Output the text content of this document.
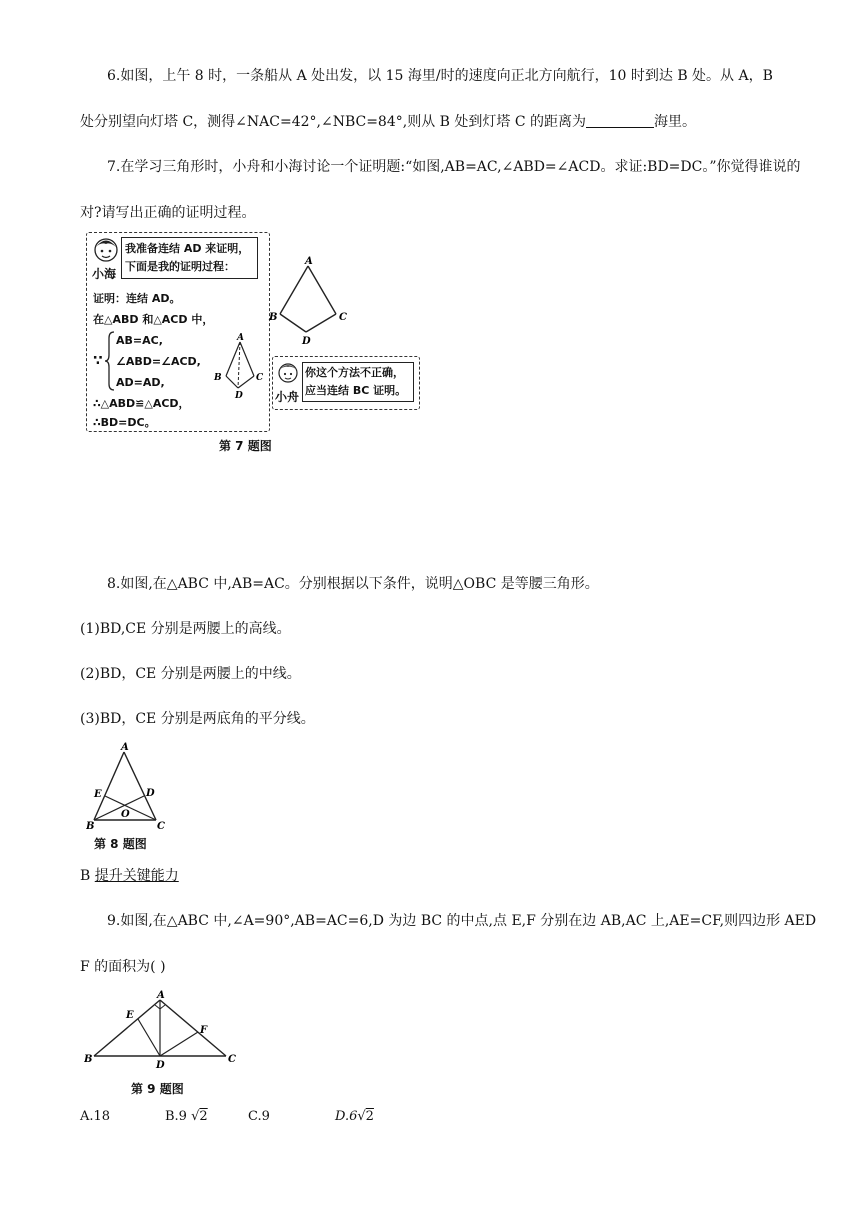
6.如图，上午 8 时，一条船从 A 处出发，以 15 海里/时的速度向正北方向航行，10 时到达 B 处。从 A，B
处分别望向灯塔 C，测得∠NAC=42°,∠NBC=84°,则从 B 处到灯塔 C 的距离为	海里。
7.在学习三角形时，小舟和小海讨论一个证明题:“如图,AB=AC,∠ABD=∠ACD。求证:BD=DC。”你觉得谁说的
对?请写出正确的证明过程。
小海
我准备连结 AD 来证明，
下面是我的证明过程：
证明：连结 AD。
在△ABD 和△ACD 中，
∵
AB=AC,
∠ABD=∠ACD,
AD=AD,
∴△ABD≌△ACD，
∴BD=DC。
A
B	C
D
A
B	C
D
小舟
你这个方法不正确，
应当连结 BC 证明。
第 7 题图
8.如图,在△ABC 中,AB=AC。分别根据以下条件，说明△OBC 是等腰三角形。
(1)BD,CE 分别是两腰上的高线。
(2)BD，CE 分别是两腰上的中线。
(3)BD，CE 分别是两底角的平分线。
A
B	C
D
E
O
第 8 题图
B 提升关键能力
9.如图,在△ABC 中,∠A=90°,AB=AC=6,D 为边 BC 的中点,点 E,F 分别在边 AB,AC 上,AE=CF,则四边形 AED
F 的面积为( )
A
B	C
D
E
F
第 9 题图
A.18	B.9 √2	C.9	D.6√2
